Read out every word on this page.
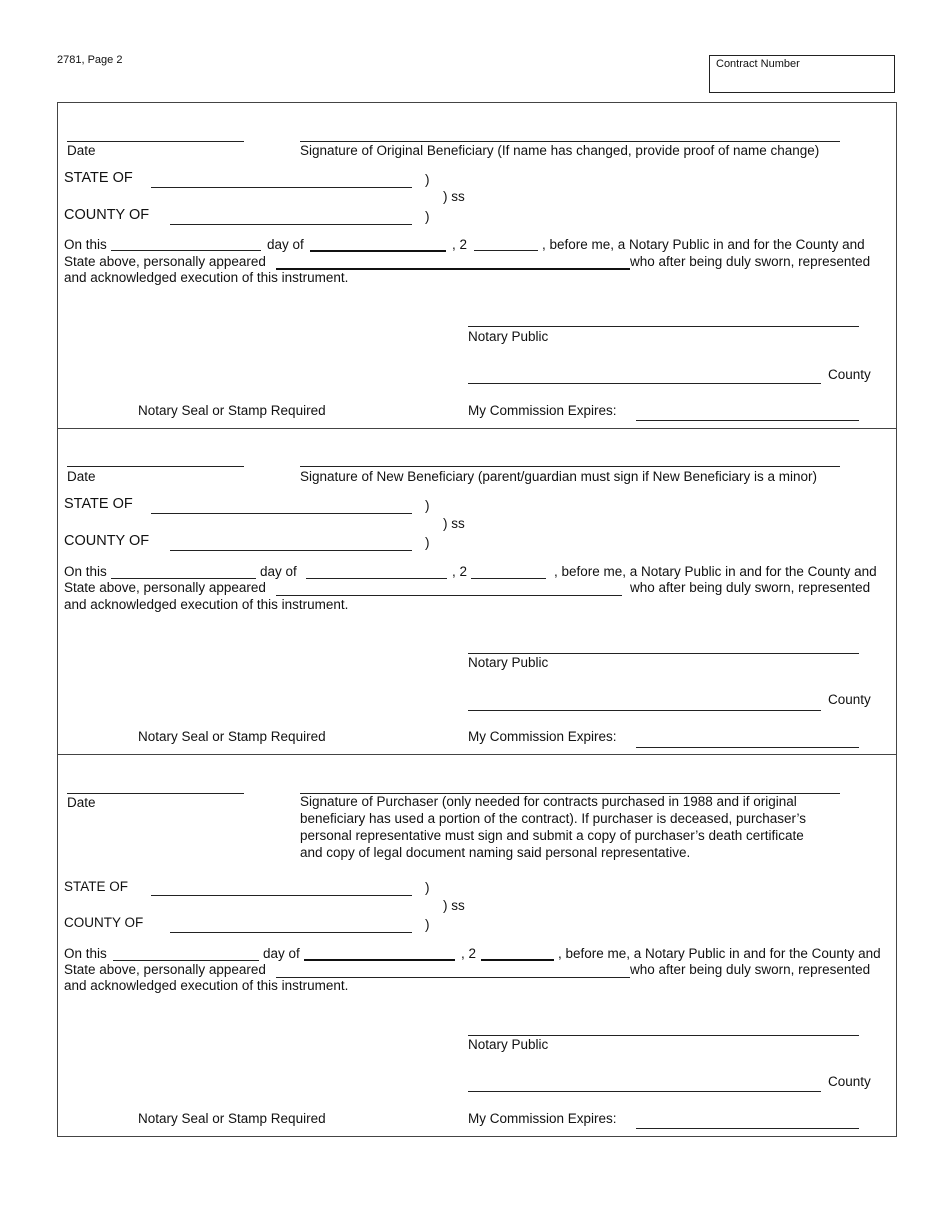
2781, Page 2	Contract Number
Date	Signature of Original Beneficiary (If name has changed, provide proof of name change)
STATE OF	)
) ss
COUNTY OF	)
On this	day of	, 2	, before me, a Notary Public in and for the County and
State above, personally appeared	who after being duly sworn, represented
and acknowledged execution of this instrument.
Notary Public
County
Notary Seal or Stamp Required	My Commission Expires:
Date	Signature of New Beneficiary (parent/guardian must sign if New Beneficiary is a minor)
STATE OF	)
) ss
COUNTY OF	)
On this	day of	, 2	, before me, a Notary Public in and for the County and
State above, personally appeared	who after being duly sworn, represented
and acknowledged execution of this instrument.
Notary Public
County
Notary Seal or Stamp Required	My Commission Expires:
Date	Signature of Purchaser (only needed for contracts purchased in 1988 and if original
beneficiary has used a portion of the contract). If purchaser is deceased, purchaser’s
personal representative must sign and submit a copy of purchaser’s death certificate
and copy of legal document naming said personal representative.
STATE OF	)
) ss
COUNTY OF	)
On this	day of	, 2	, before me, a Notary Public in and for the County and
State above, personally appeared	who after being duly sworn, represented
and acknowledged execution of this instrument.
Notary Public
County
Notary Seal or Stamp Required	My Commission Expires:
